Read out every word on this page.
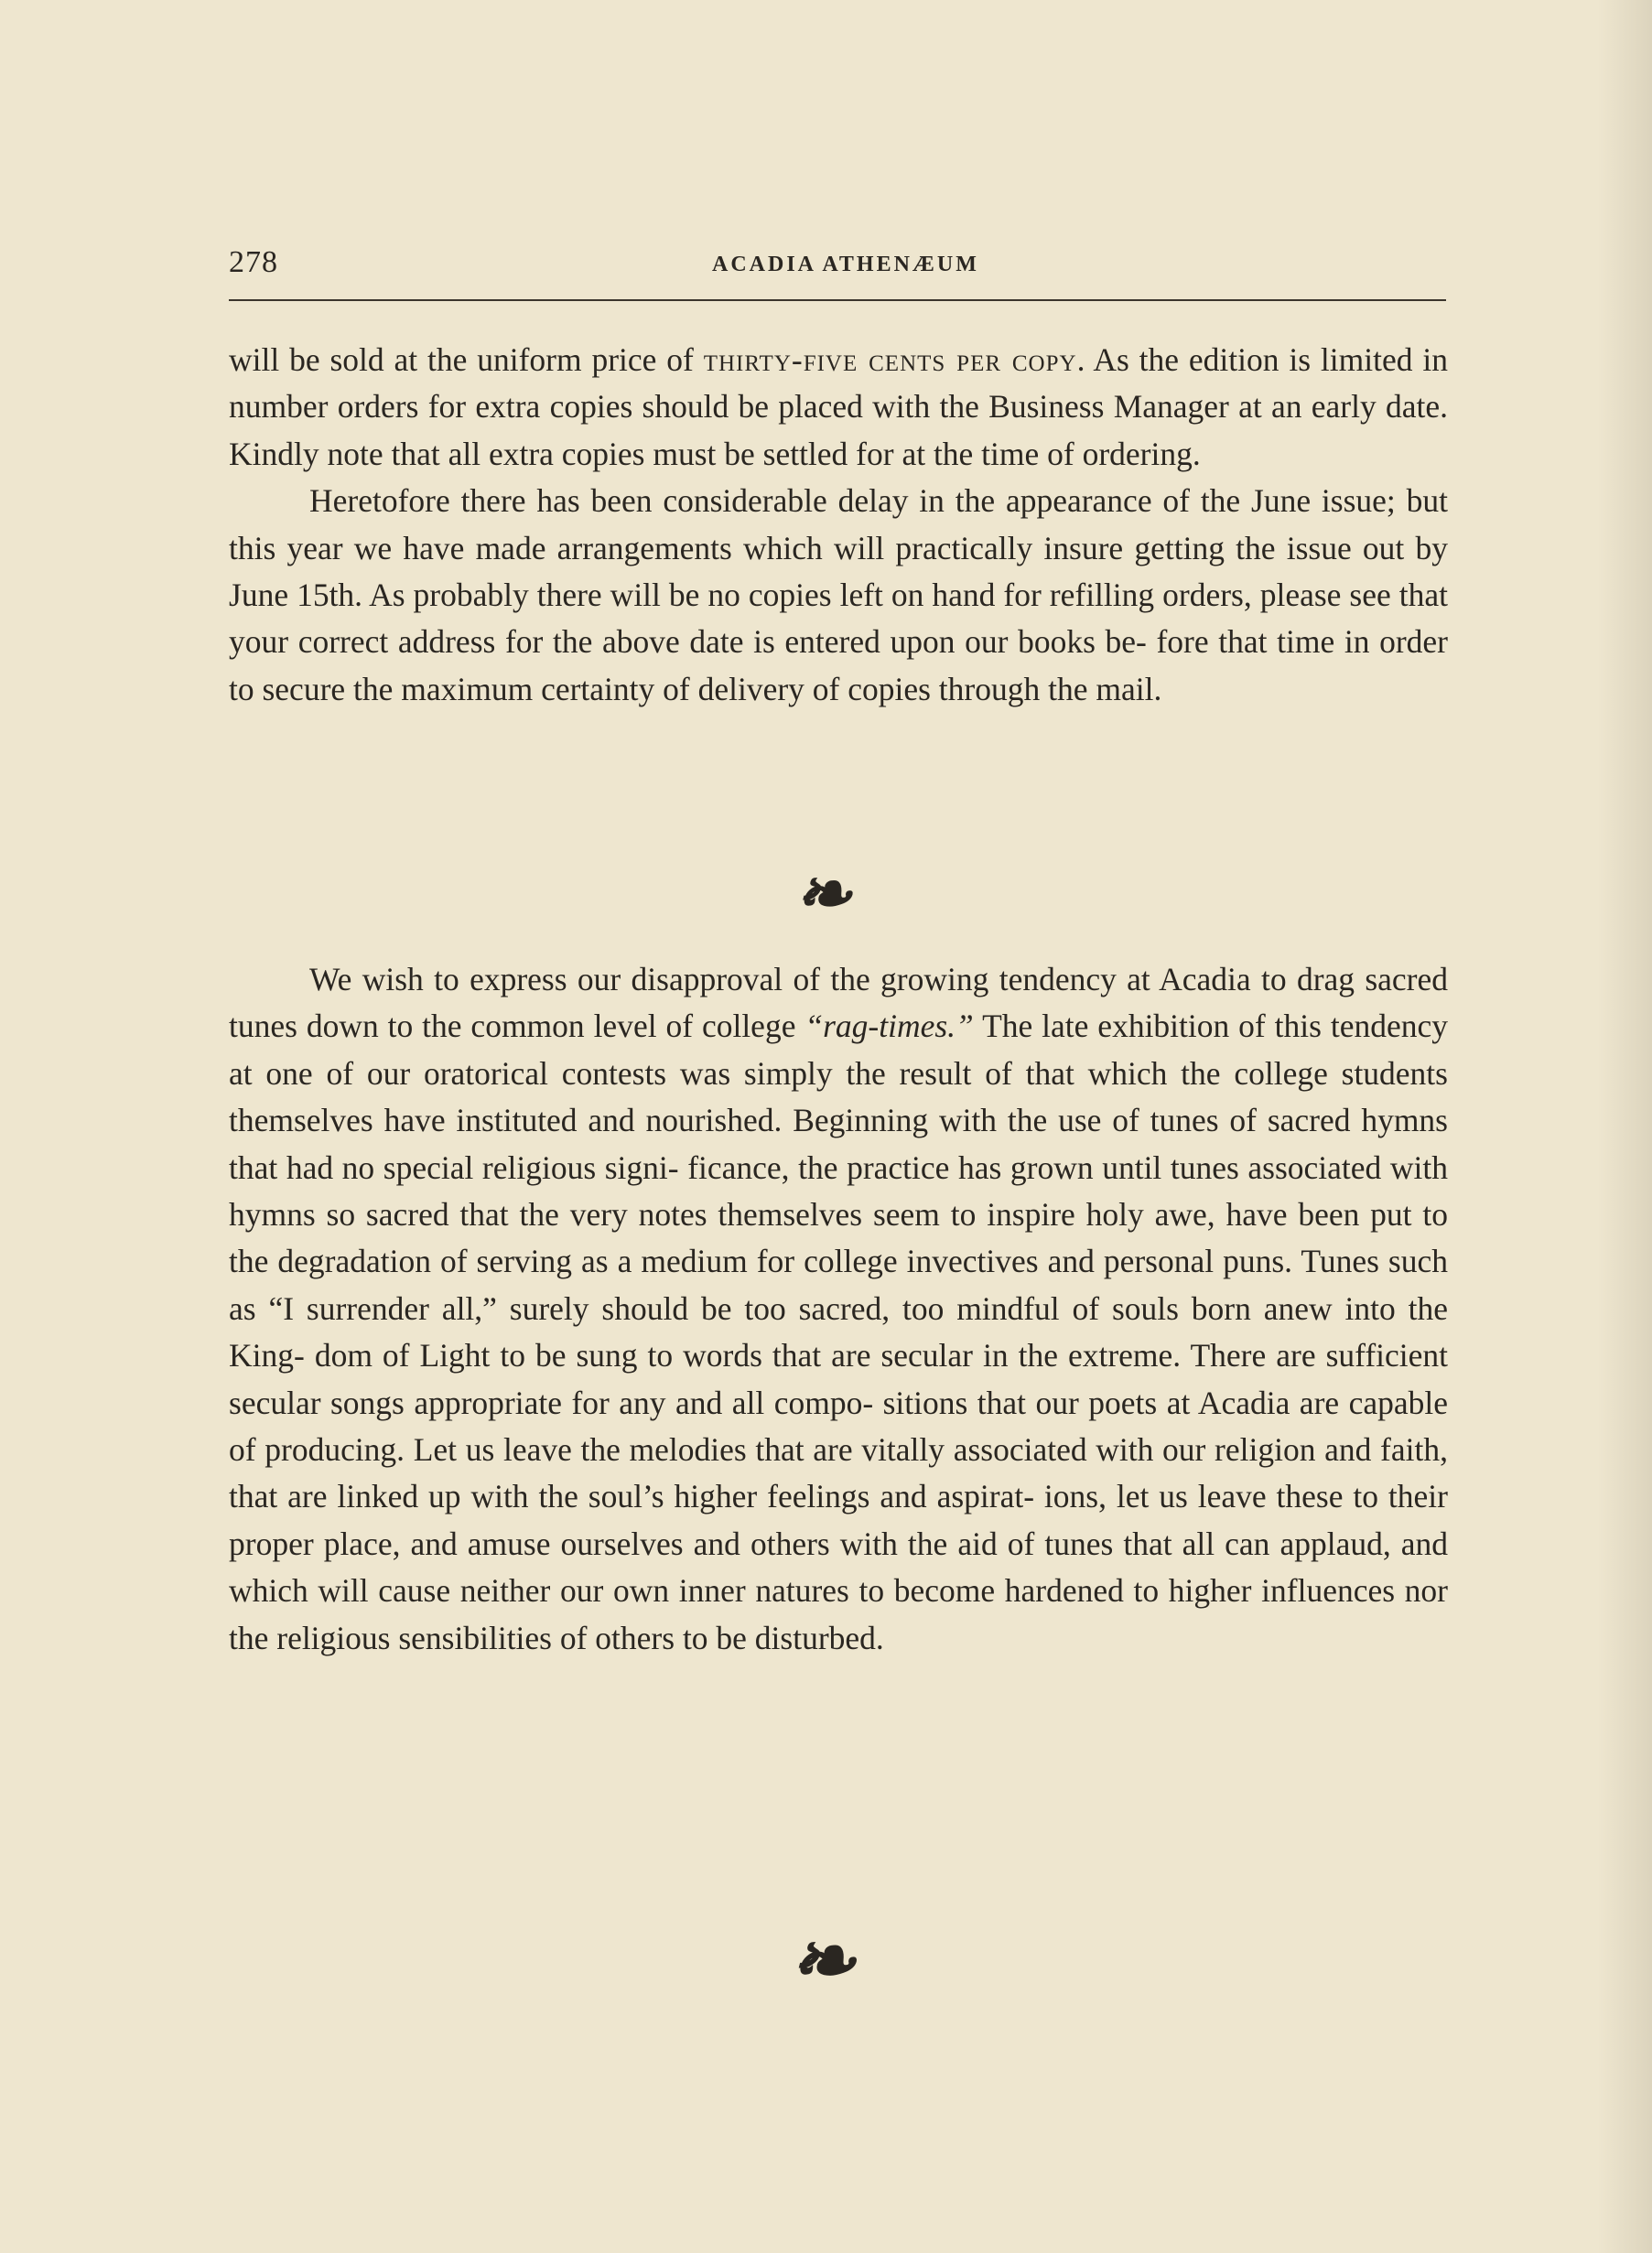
278	ACADIA ATHENÆUM

will be sold at the uniform price of thirty-five cents per copy. As the edition is limited in number orders for extra copies should be placed with the Business Manager at an early date. Kindly note that all extra copies must be settled for at the time of ordering.

Heretofore there has been considerable delay in the appearance of the June issue; but this year we have made arrangements which will practically insure getting the issue out by June 15th. As probably there will be no copies left on hand for refilling orders, please see that your correct address for the above date is entered upon our books be- fore that time in order to secure the maximum certainty of delivery of copies through the mail.

❧

We wish to express our disapproval of the growing tendency at Acadia to drag sacred tunes down to the common level of college “rag-times.” The late exhibition of this tendency at one of our oratorical contests was simply the result of that which the college students themselves have instituted and nourished. Beginning with the use of tunes of sacred hymns that had no special religious signi- ficance, the practice has grown until tunes associated with hymns so sacred that the very notes themselves seem to inspire holy awe, have been put to the degradation of serving as a medium for college invectives and personal puns. Tunes such as “I surrender all,” surely should be too sacred, too mindful of souls born anew into the King- dom of Light to be sung to words that are secular in the extreme. There are sufficient secular songs appropriate for any and all compo- sitions that our poets at Acadia are capable of producing. Let us leave the melodies that are vitally associated with our religion and faith, that are linked up with the soul’s higher feelings and aspirat- ions, let us leave these to their proper place, and amuse ourselves and others with the aid of tunes that all can applaud, and which will cause neither our own inner natures to become hardened to higher influences nor the religious sensibilities of others to be disturbed.

❧
